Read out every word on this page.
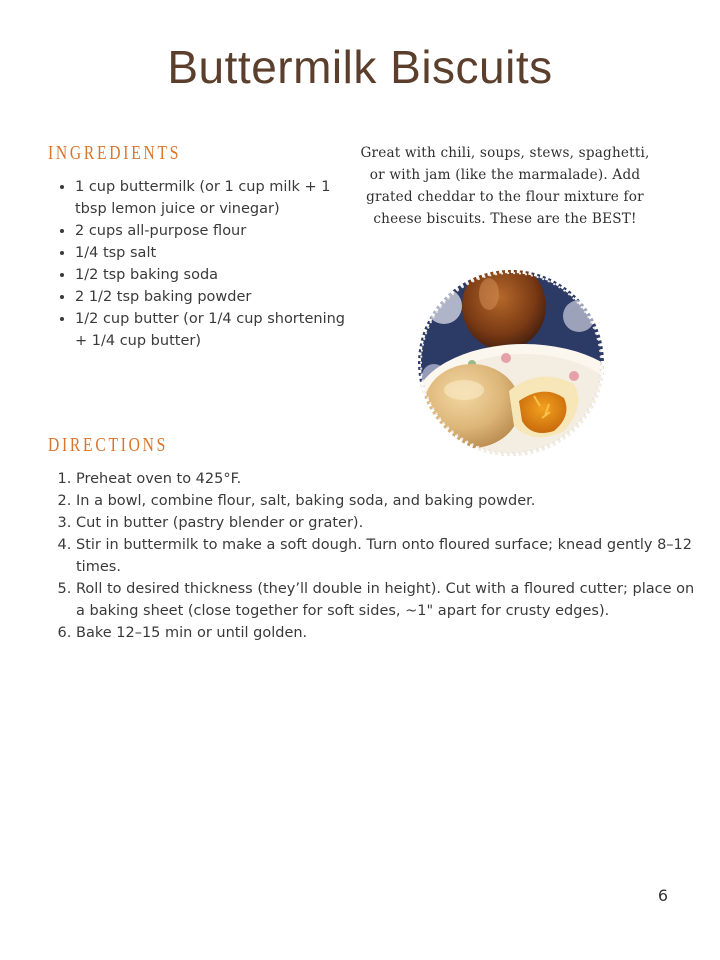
Buttermilk Biscuits
INGREDIENTS
• 1 cup buttermilk (or 1 cup milk + 1 tbsp lemon juice or vinegar)
• 2 cups all-purpose flour
• 1/4 tsp salt
• 1/2 tsp baking soda
• 2 1/2 tsp baking powder
• 1/2 cup butter (or 1/4 cup shortening + 1/4 cup butter)

Great with chili, soups, stews, spaghetti, or with jam (like the marmalade). Add grated cheddar to the flour mixture for cheese biscuits. These are the BEST!

DIRECTIONS
1. Preheat oven to 425°F.
2. In a bowl, combine flour, salt, baking soda, and baking powder.
3. Cut in butter (pastry blender or grater).
4. Stir in buttermilk to make a soft dough. Turn onto floured surface; knead gently 8–12 times.
5. Roll to desired thickness (they’ll double in height). Cut with a floured cutter; place on a baking sheet (close together for soft sides, ~1" apart for crusty edges).
6. Bake 12–15 min or until golden.
6
